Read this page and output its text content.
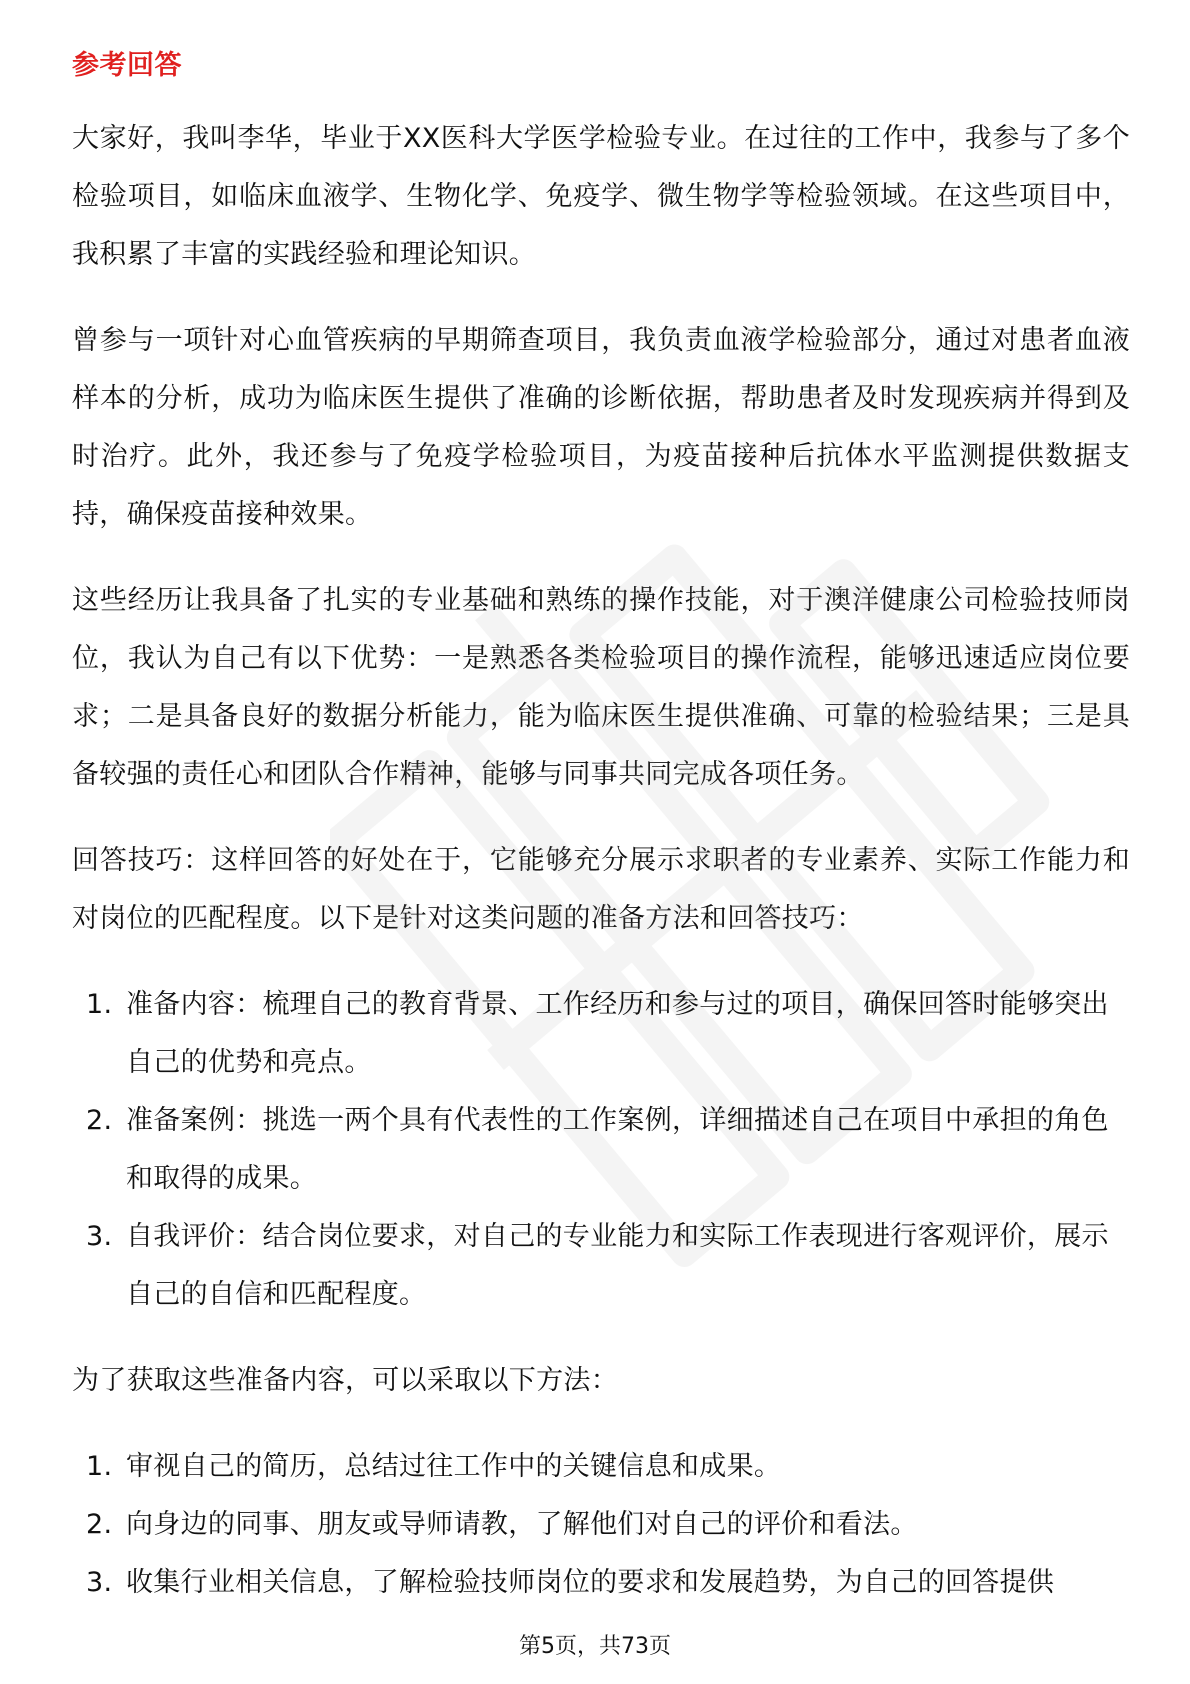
参考回答

大家好，我叫李华，毕业于XX医科大学医学检验专业。在过往的工作中，我参与了多个检验项目，如临床血液学、生物化学、免疫学、微生物学等检验领域。在这些项目中，我积累了丰富的实践经验和理论知识。

曾参与一项针对心血管疾病的早期筛查项目，我负责血液学检验部分，通过对患者血液样本的分析，成功为临床医生提供了准确的诊断依据，帮助患者及时发现疾病并得到及时治疗。此外，我还参与了免疫学检验项目，为疫苗接种后抗体水平监测提供数据支持，确保疫苗接种效果。

这些经历让我具备了扎实的专业基础和熟练的操作技能，对于澳洋健康公司检验技师岗位，我认为自己有以下优势：一是熟悉各类检验项目的操作流程，能够迅速适应岗位要求；二是具备良好的数据分析能力，能为临床医生提供准确、可靠的检验结果；三是具备较强的责任心和团队合作精神，能够与同事共同完成各项任务。

回答技巧：这样回答的好处在于，它能够充分展示求职者的专业素养、实际工作能力和对岗位的匹配程度。以下是针对这类问题的准备方法和回答技巧：

1. 准备内容：梳理自己的教育背景、工作经历和参与过的项目，确保回答时能够突出自己的优势和亮点。
2. 准备案例：挑选一两个具有代表性的工作案例，详细描述自己在项目中承担的角色和取得的成果。
3. 自我评价：结合岗位要求，对自己的专业能力和实际工作表现进行客观评价，展示自己的自信和匹配程度。

为了获取这些准备内容，可以采取以下方法：

1. 审视自己的简历，总结过往工作中的关键信息和成果。
2. 向身边的同事、朋友或导师请教，了解他们对自己的评价和看法。
3. 收集行业相关信息，了解检验技师岗位的要求和发展趋势，为自己的回答提供
第5页，共73页
